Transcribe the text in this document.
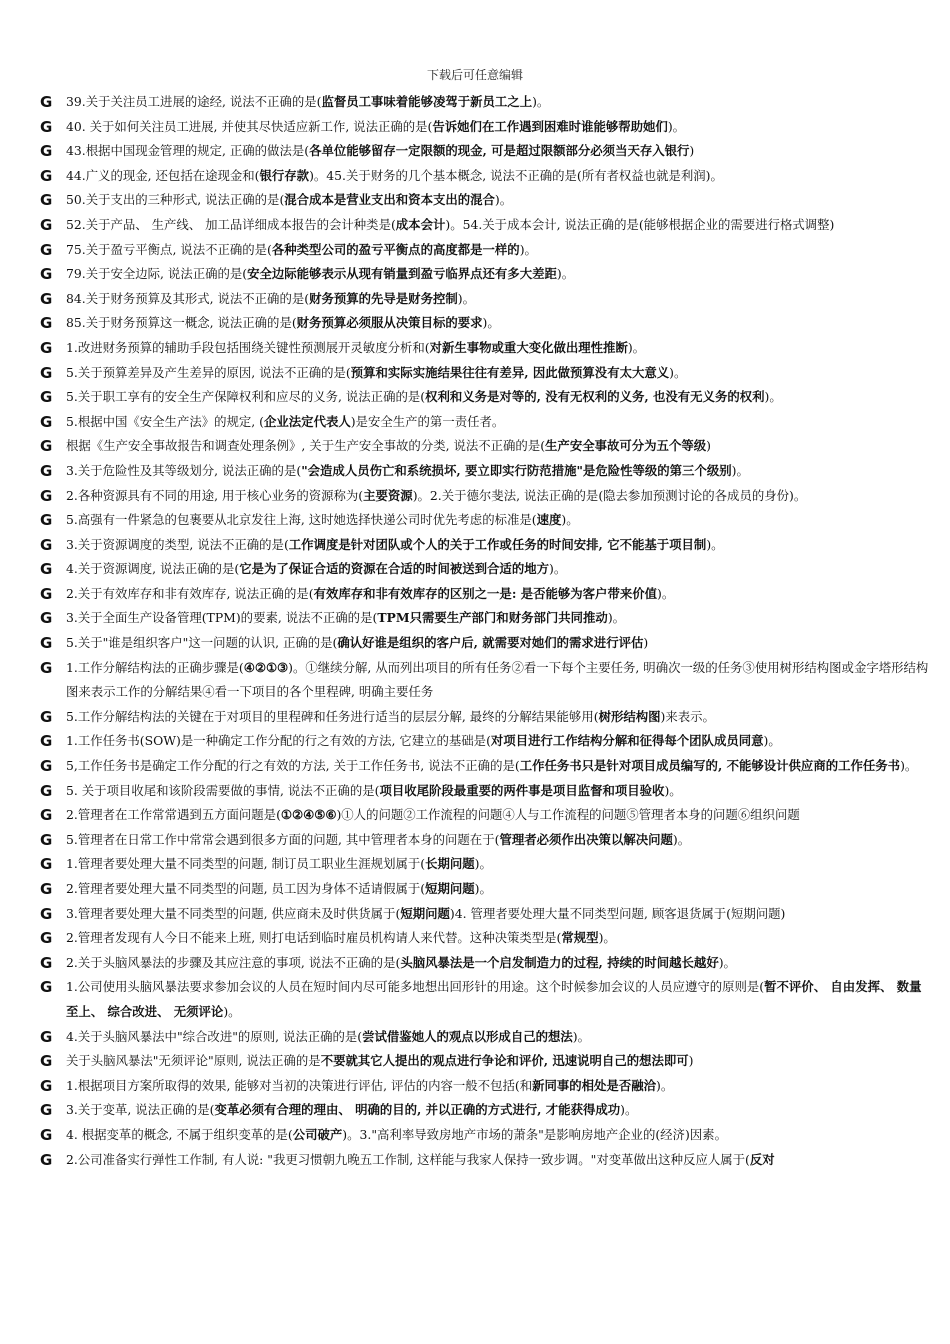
下载后可任意编辑
G	39.关于关注员工进展的途经, 说法不正确的是(监督员工事味着能够凌驾于新员工之上)。
G	40. 关于如何关注员工进展, 并使其尽快适应新工作, 说法正确的是(告诉她们在工作遇到困难时谁能够帮助她们)。
G	43.根据中国现金管理的规定, 正确的做法是(各单位能够留存一定限额的现金, 可是超过限额部分必须当天存入银行)
G	44.广义的现金, 还包括在途现金和(银行存款)。45.关于财务的几个基本概念, 说法不正确的是(所有者权益也就是利润)。
G	50.关于支出的三种形式, 说法正确的是(混合成本是营业支出和资本支出的混合)。
G	52.关于产品、 生产线、 加工品详细成本报告的会计种类是(成本会计)。54.关于成本会计, 说法正确的是(能够根据企业的需要进行格式调整)
G	75.关于盈亏平衡点, 说法不正确的是(各种类型公司的盈亏平衡点的高度都是一样的)。
G	79.关于安全边际, 说法正确的是(安全边际能够表示从现有销量到盈亏临界点还有多大差距)。
G	84.关于财务预算及其形式, 说法不正确的是(财务预算的先导是财务控制)。
G	85.关于财务预算这一概念, 说法正确的是(财务预算必须服从决策目标的要求)。
G	1.改进财务预算的辅助手段包括围绕关键性预测展开灵敏度分析和(对新生事物或重大变化做出理性推断)。
G	5.关于预算差异及产生差异的原因, 说法不正确的是(预算和实际实施结果往往有差异, 因此做预算没有太大意义)。
G	5.关于职工享有的安全生产保障权利和应尽的义务, 说法正确的是(权利和义务是对等的, 没有无权利的义务, 也没有无义务的权利)。
G	5.根据中国《安全生产法》的规定, (企业法定代表人)是安全生产的第一责任者。
G	根据《生产安全事故报告和调查处理条例》, 关于生产安全事故的分类, 说法不正确的是(生产安全事故可分为五个等级)
G	3.关于危险性及其等级划分, 说法正确的是("会造成人员伤亡和系统损坏, 要立即实行防范措施"是危险性等级的第三个级别)。
G	2.各种资源具有不同的用途, 用于核心业务的资源称为(主要资源)。2.关于德尔斐法, 说法正确的是(隐去参加预测讨论的各成员的身份)。
G	5.高强有一件紧急的包裹要从北京发往上海, 这时她选择快递公司时优先考虑的标准是(速度)。
G	3.关于资源调度的类型, 说法不正确的是(工作调度是针对团队或个人的关于工作或任务的时间安排, 它不能基于项目制)。
G	4.关于资源调度, 说法正确的是(它是为了保证合适的资源在合适的时间被送到合适的地方)。
G	2.关于有效库存和非有效库存, 说法正确的是(有效库存和非有效库存的区别之一是: 是否能够为客户带来价值)。
G	3.关于全面生产设备管理(TPM)的要素, 说法不正确的是(TPM只需要生产部门和财务部门共同推动)。
G	5.关于"谁是组织客户"这一问题的认识, 正确的是(确认好谁是组织的客户后, 就需要对她们的需求进行评估)
G	1.工作分解结构法的正确步骤是(④②①③)。①继续分解, 从而列出项目的所有任务②看一下每个主要任务, 明确次一级的任务③使用树形结构图或金字塔形结构图来表示工作的分解结果④看一下项目的各个里程碑, 明确主要任务
G	5.工作分解结构法的关键在于对项目的里程碑和任务进行适当的层层分解, 最终的分解结果能够用(树形结构图)来表示。
G	1.工作任务书(SOW)是一种确定工作分配的行之有效的方法, 它建立的基础是(对项目进行工作结构分解和征得每个团队成员同意)。
G	5,工作任务书是确定工作分配的行之有效的方法, 关于工作任务书, 说法不正确的是(工作任务书只是针对项目成员编写的, 不能够设计供应商的工作任务书)。
G	5. 关于项目收尾和该阶段需要做的事情, 说法不正确的是(项目收尾阶段最重要的两件事是项目监督和项目验收)。
G	2.管理者在工作常常遇到五方面问题是(①②④⑤⑥)①人的问题②工作流程的问题④人与工作流程的问题⑤管理者本身的问题⑥组织问题
G	5.管理者在日常工作中常常会遇到很多方面的问题, 其中管理者本身的问题在于(管理者必须作出决策以解决问题)。
G	1.管理者要处理大量不同类型的问题, 制订员工职业生涯规划属于(长期问题)。
G	2.管理者要处理大量不同类型的问题, 员工因为身体不适请假属于(短期问题)。
G	3.管理者要处理大量不同类型的问题, 供应商未及时供货属于(短期问题)4. 管理者要处理大量不同类型问题, 顾客退货属于(短期问题)
G	2.管理者发现有人今日不能来上班, 则打电话到临时雇员机构请人来代替。这种决策类型是(常规型)。
G	2.关于头脑风暴法的步骤及其应注意的事项, 说法不正确的是(头脑风暴法是一个启发制造力的过程, 持续的时间越长越好)。
G	1.公司使用头脑风暴法要求参加会议的人员在短时间内尽可能多地想出回形针的用途。这个时候参加会议的人员应遵守的原则是(暂不评价、 自由发挥、 数量至上、 综合改进、 无须评论)。
G	4.关于头脑风暴法中"综合改进"的原则, 说法正确的是(尝试借鉴她人的观点以形成自己的想法)。
G	关于头脑风暴法"无须评论"原则, 说法正确的是不要就其它人提出的观点进行争论和评价, 迅速说明自己的想法即可)
G	1.根据项目方案所取得的效果, 能够对当初的决策进行评估, 评估的内容一般不包括(和新同事的相处是否融洽)。
G	3.关于变革, 说法正确的是(变革必须有合理的理由、 明确的目的, 并以正确的方式进行, 才能获得成功)。
G	4. 根据变革的概念, 不属于组织变革的是(公司破产)。3."高利率导致房地产市场的萧条"是影响房地产企业的(经济)因素。
G	2.公司准备实行弹性工作制, 有人说: "我更习惯朝九晚五工作制, 这样能与我家人保持一致步调。"对变革做出这种反应人属于(反对
